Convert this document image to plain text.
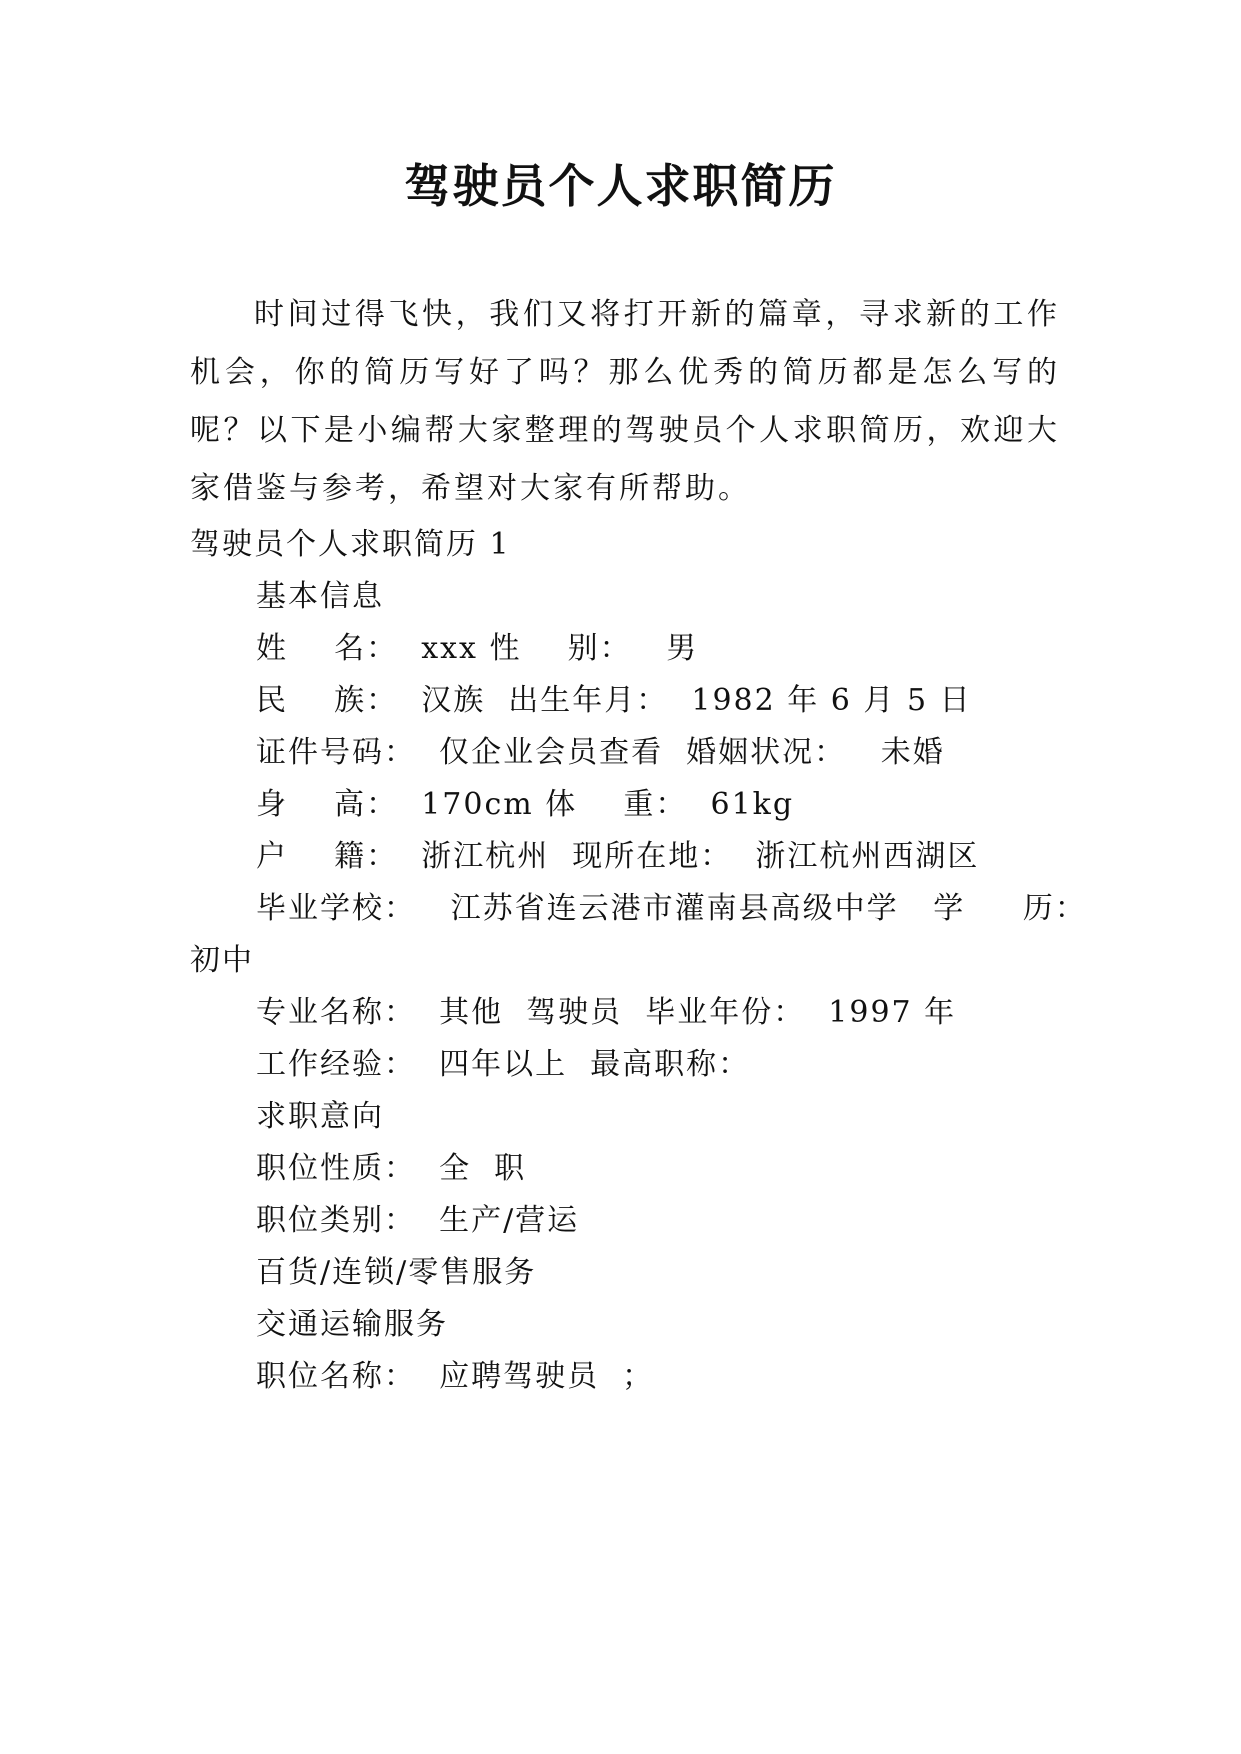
驾驶员个人求职简历

时间过得飞快，我们又将打开新的篇章，寻求新的工作机会，你的简历写好了吗？那么优秀的简历都是怎么写的呢？以下是小编帮大家整理的驾驶员个人求职简历，欢迎大家借鉴与参考，希望对大家有所帮助。

驾驶员个人求职简历 1
基本信息
姓    名：  xxx 性    别：   男
民    族：  汉族  出生年月：  1982 年 6 月 5 日
证件号码：  仅企业会员查看  婚姻状况：   未婚
身    高：  170cm 体    重：  61kg
户    籍：  浙江杭州  现所在地：  浙江杭州西湖区
毕业学校：   江苏省连云港市灌南县高级中学   学     历：
初中
专业名称：  其他  驾驶员  毕业年份：  1997 年
工作经验：  四年以上  最高职称：
求职意向
职位性质：  全  职
职位类别：  生产/营运
百货/连锁/零售服务
交通运输服务
职位名称：  应聘驾驶员  ；
